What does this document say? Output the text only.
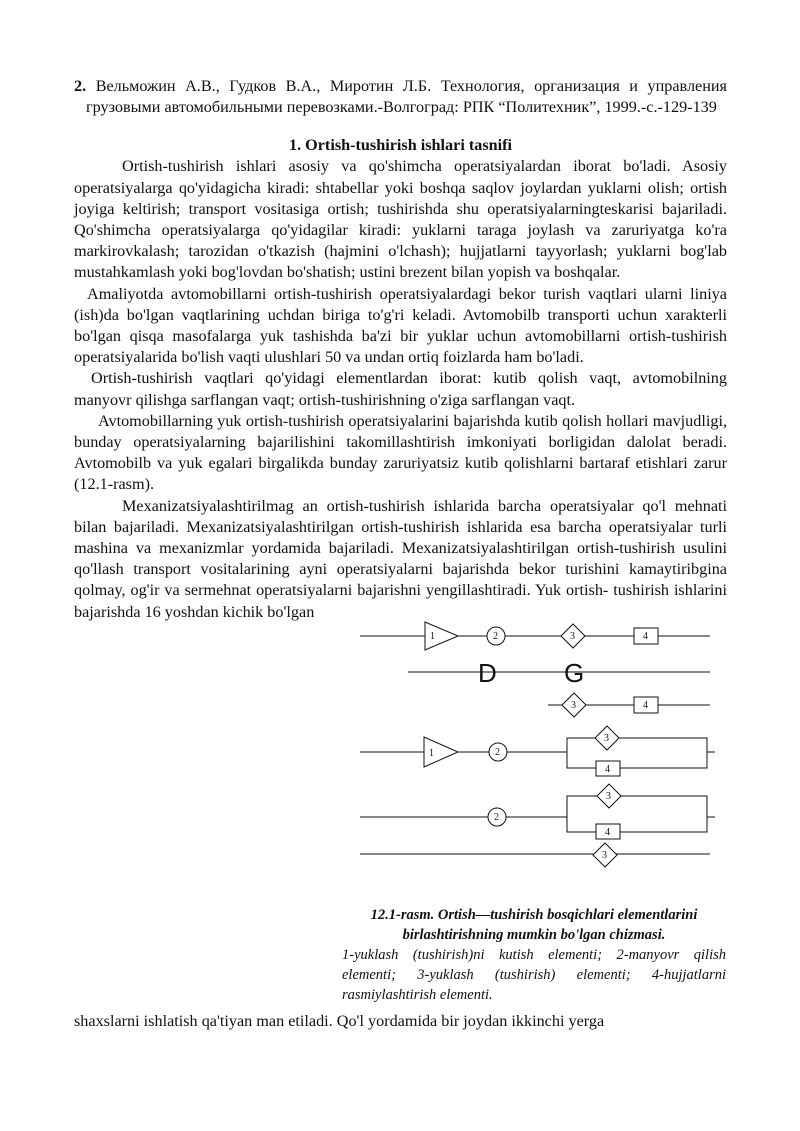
2. Вельможин А.В., Гудков В.А., Миротин Л.Б. Технология, организация и управления грузовыми автомобильными перевозками.-Волгоград: РПК “Политехник”, 1999.-с.-129-139

1. Ortish-tushirish ishlari tasnifi

Ortish-tushirish ishlari asosiy va qo'shimcha operatsiyalardan iborat bo'ladi. Asosiy operatsiyalarga qo'yidagicha kiradi: shtabellar yoki boshqa saqlov joylardan yuklarni olish; ortish joyiga keltirish; transport vositasiga ortish; tushirishda shu operatsiyalarningteskarisi bajariladi. Qo'shimcha operatsiyalarga qo'yidagilar kiradi: yuklarni taraga joylash va zaruriyatga ko'ra markirovkalash; tarozidan o'tkazish (hajmini o'lchash); hujjatlarni tayyorlash; yuklarni bog'lab mustahkamlash yoki bog'lovdan bo'shatish; ustini brezent bilan yopish va boshqalar.

Amaliyotda avtomobillarni ortish-tushirish operatsiyalardagi bekor turish vaqtlari ularni liniya (ish)da bo'lgan vaqtlarining uchdan biriga to'g'ri keladi. Avtomobilb transporti uchun xarakterli bo'lgan qisqa masofalarga yuk tashishda ba'zi bir yuklar uchun avtomobillarni ortish-tushirish operatsiyalarida bo'lish vaqti ulushlari 50 va undan ortiq foizlarda ham bo'ladi.

Ortish-tushirish vaqtlari qo'yidagi elementlardan iborat: kutib qolish vaqt, avtomobilning manyovr qilishga sarflangan vaqt; ortish-tushirishning o'ziga sarflangan vaqt.

Avtomobillarning yuk ortish-tushirish operatsiyalarini bajarishda kutib qolish hollari mavjudligi, bunday operatsiyalarning bajarilishini takomillashtirish imkoniyati borligidan dalolat beradi. Avtomobilb va yuk egalari birgalikda bunday zaruriyatsiz kutib qolishlarni bartaraf etishlari zarur (12.1-rasm).

Mexanizatsiyalashtirilmag an ortish-tushirish ishlarida barcha operatsiyalar qo'l mehnati bilan bajariladi. Mexanizatsiyalashtirilgan ortish-tushirish ishlarida esa barcha operatsiyalar turli mashina va mexanizmlar yordamida bajariladi. Mexanizatsiyalashtirilgan ortish-tushirish usulini qo'llash transport vositalarining ayni operatsiyalarni bajarishda bekor turishini kamaytiribgina qolmay, og'ir va sermehnat operatsiyalarni bajarishni yengillashtiradi. Yuk ortish- tushirish ishlarini bajarishda 16 yoshdan kichik bo'lgan

1	2	3	4
D	G
3	4
1	2
3
4
2
3
4
3
12.1-rasm. Ortish—tushirish bosqichlari elementlarini birlashtirishning mumkin bo'lgan chizmasi.
1-yuklash (tushirish)ni kutish elementi; 2-manyovr qilish elementi; 3-yuklash (tushirish) elementi; 4-hujjatlarni rasmiylashtirish elementi.

shaxslarni ishlatish qa'tiyan man etiladi. Qo'l yordamida bir joydan ikkinchi yerga
